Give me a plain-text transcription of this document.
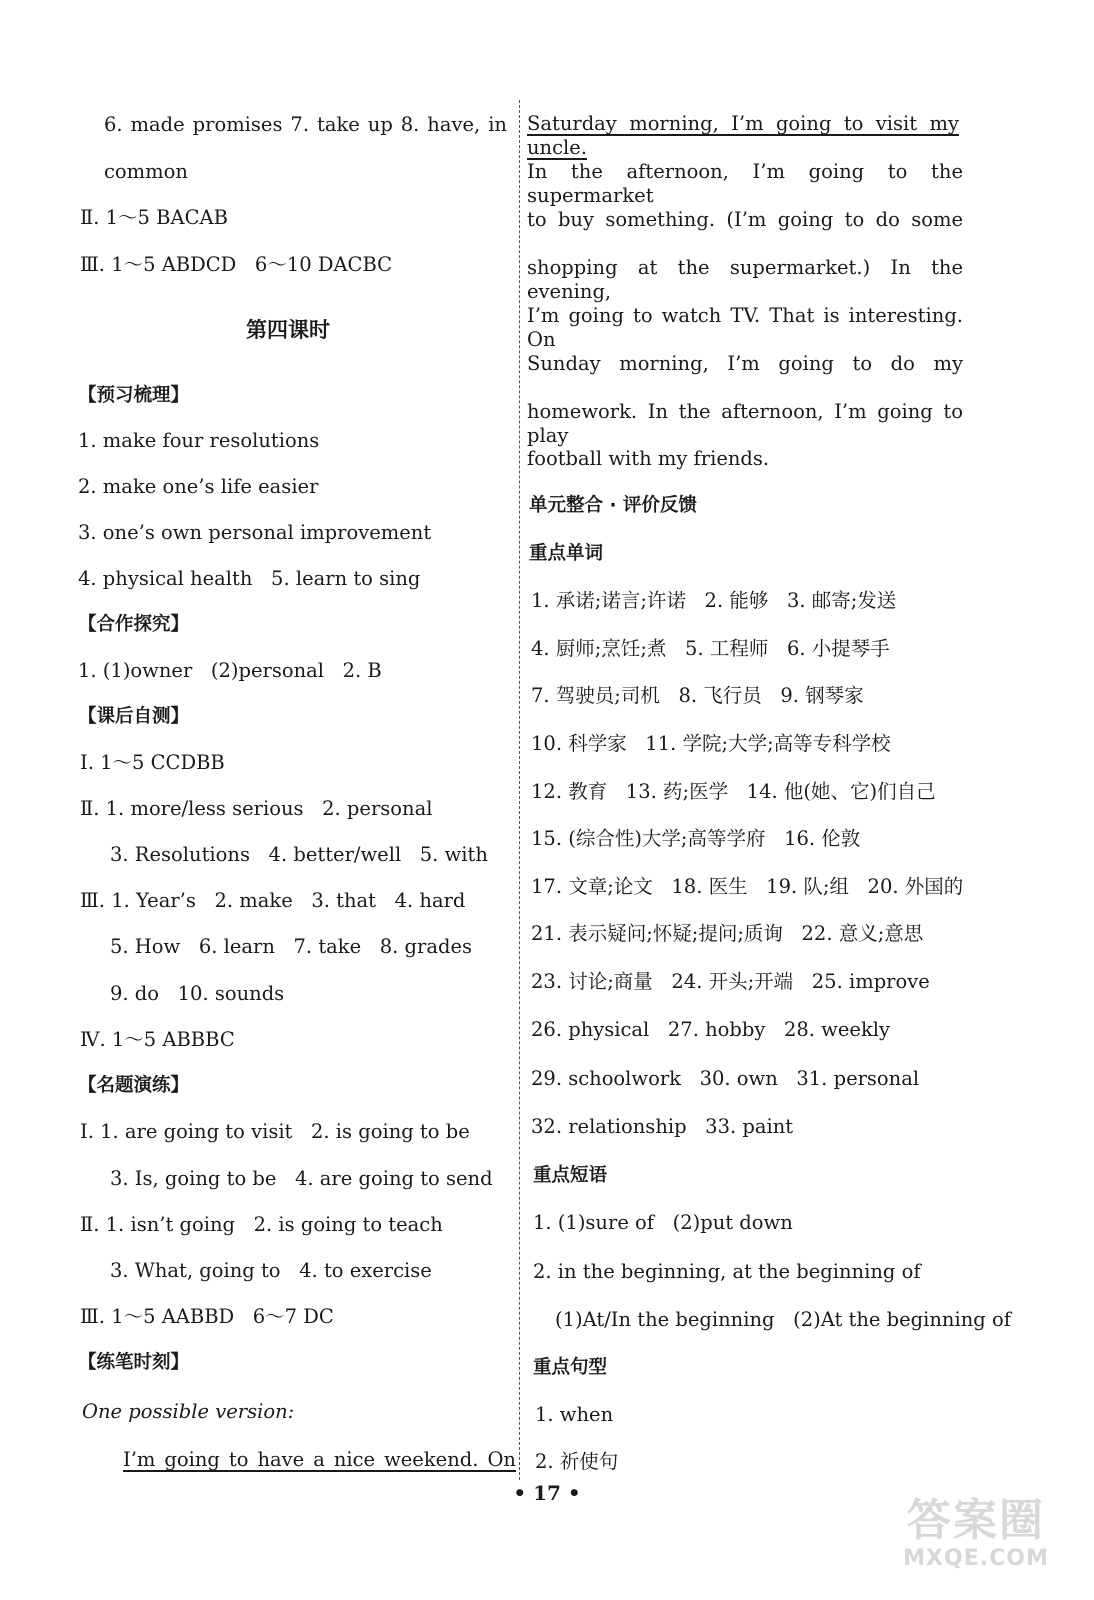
6. made promises 7. take up 8. have, in
common
Ⅱ. 1～5 BACAB
Ⅲ. 1～5 ABDCD   6～10 DACBC
第四课时
【预习梳理】
1. make four resolutions
2. make one’s life easier
3. one’s own personal improvement
4. physical health   5. learn to sing
【合作探究】
1. (1)owner   (2)personal   2. B
【课后自测】
Ⅰ. 1～5 CCDBB
Ⅱ. 1. more/less serious   2. personal
3. Resolutions   4. better/well   5. with
Ⅲ. 1. Year’s   2. make   3. that   4. hard
5. How   6. learn   7. take   8. grades
9. do   10. sounds
Ⅳ. 1～5 ABBBC
【名题演练】
Ⅰ. 1. are going to visit   2. is going to be
3. Is, going to be   4. are going to send
Ⅱ. 1. isn’t going   2. is going to teach
3. What, going to   4. to exercise
Ⅲ. 1～5 AABBD   6～7 DC
【练笔时刻】
One possible version:
I’m going to have a nice weekend. On
Saturday morning, I’m going to visit my uncle.
In the afternoon, I’m going to the supermarket
to buy something. (I’m going to do some
shopping at the supermarket.) In the evening,
I’m going to watch TV. That is interesting. On
Sunday morning, I’m going to do my
homework. In the afternoon, I’m going to play
football with my friends.
单元整合 · 评价反馈
重点单词
1. 承诺;诺言;许诺   2. 能够   3. 邮寄;发送
4. 厨师;烹饪;煮   5. 工程师   6. 小提琴手
7. 驾驶员;司机   8. 飞行员   9. 钢琴家
10. 科学家   11. 学院;大学;高等专科学校
12. 教育   13. 药;医学   14. 他(她、它)们自己
15. (综合性)大学;高等学府   16. 伦敦
17. 文章;论文   18. 医生   19. 队;组   20. 外国的
21. 表示疑问;怀疑;提问;质询   22. 意义;意思
23. 讨论;商量   24. 开头;开端   25. improve
26. physical   27. hobby   28. weekly
29. schoolwork   30. own   31. personal
32. relationship   33. paint
重点短语
1. (1)sure of   (2)put down
2. in the beginning, at the beginning of
(1)At/In the beginning   (2)At the beginning of
重点句型
1. when
2. 祈使句
• 17 •
答案圈
MXQE.COM
